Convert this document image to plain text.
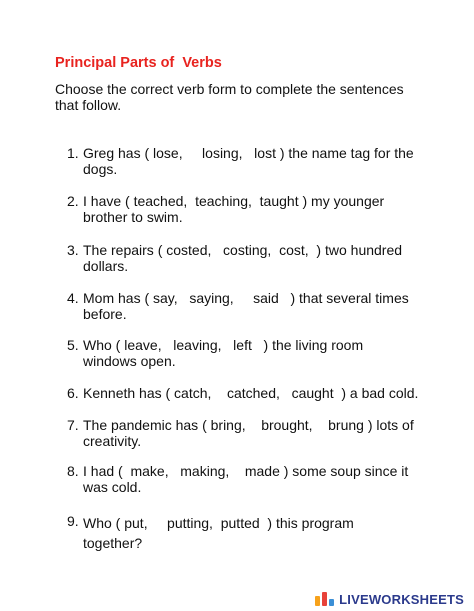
Principal Parts of  Verbs
Choose the correct verb form to complete the sentences that follow.
1. Greg has ( lose,     losing,   lost ) the name tag for the
dogs.
2. I have ( teached,  teaching,  taught ) my younger
brother to swim.
3. The repairs ( costed,   costing,  cost,  ) two hundred
dollars.
4. Mom has ( say,   saying,     said   ) that several times
before.
5. Who ( leave,   leaving,   left   ) the living room
windows open.
6. Kenneth has ( catch,    catched,   caught  ) a bad cold.
7. The pandemic has ( bring,    brought,    brung ) lots of
creativity.
8. I had (  make,   making,    made ) some soup since it
was cold.
9. Who ( put,     putting,  putted  ) this program
together?
LIVEWORKSHEETS
